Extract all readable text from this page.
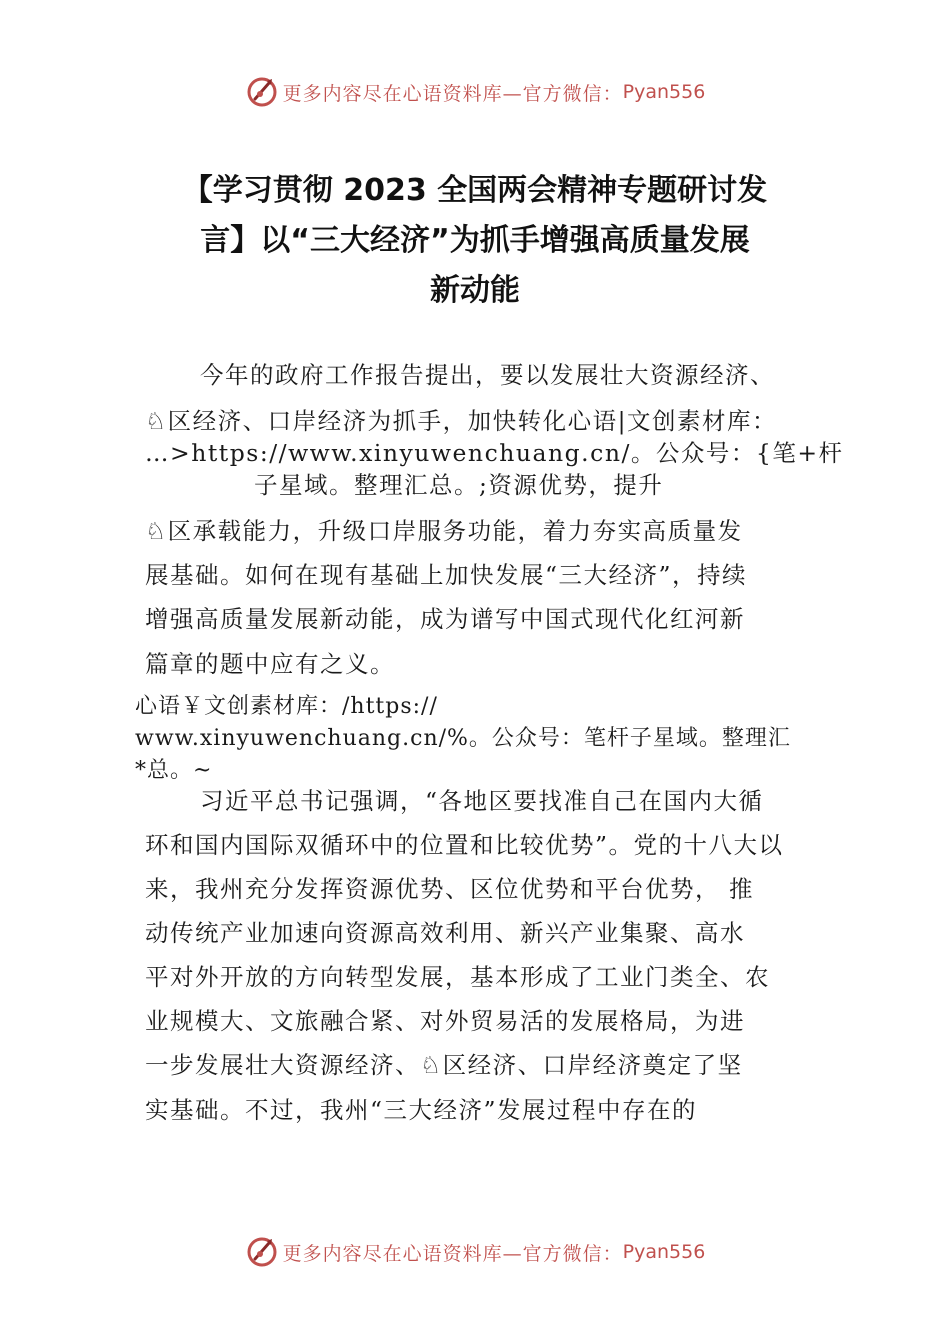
更多内容尽在心语资料库—官方微信： Pyan556
【学习贯彻 2023 全国两会精神专题研讨发
言】以“三大经济”为抓手增强高质量发展
新动能
今年的政府工作报告提出，要以发展壮大资源经济、
♘区经济、口岸经济为抓手，加快转化心语|文创素材库：
…>https://www.xinyuwenchuang.cn/。公众号：{笔+杆
子星域。整理汇总。;资源优势，提升
♘区承载能力，升级口岸服务功能，着力夯实高质量发
展基础。如何在现有基础上加快发展“三大经济”，持续
增强高质量发展新动能，成为谱写中国式现代化红河新
篇章的题中应有之义。
心语￥文创素材库：/https://
www.xinyuwenchuang.cn/%。公众号：笔杆子星域。整理汇
*总。~
习近平总书记强调，“各地区要找准自己在国内大循
环和国内国际双循环中的位置和比较优势”。党的十八大以
来，我州充分发挥资源优势、区位优势和平台优势， 推
动传统产业加速向资源高效利用、新兴产业集聚、高水
平对外开放的方向转型发展，基本形成了工业门类全、农
业规模大、文旅融合紧、对外贸易活的发展格局，为进
一步发展壮大资源经济、♘区经济、口岸经济奠定了坚
实基础。不过，我州“三大经济”发展过程中存在的
更多内容尽在心语资料库—官方微信： Pyan556
